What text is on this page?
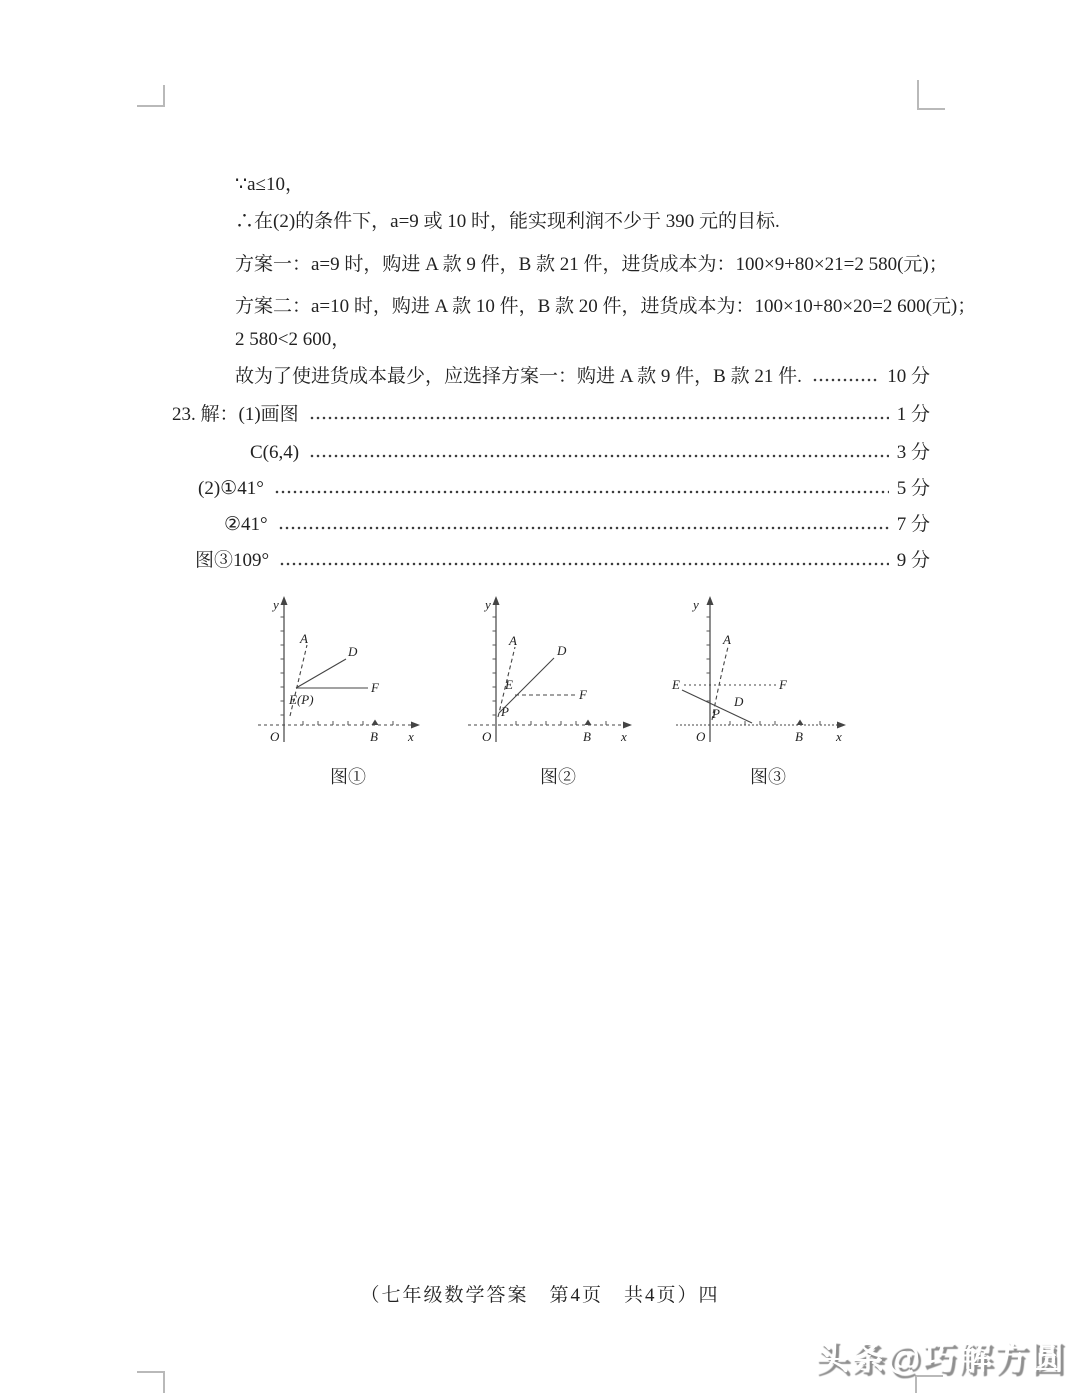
∵a≤10，
∴在(2)的条件下，a=9 或 10 时，能实现利润不少于 390 元的目标.
方案一：a=9 时，购进 A 款 9 件，B 款 21 件，进货成本为：100×9+80×21=2 580(元)；
方案二：a=10 时，购进 A 款 10 件，B 款 20 件，进货成本为：100×10+80×20=2 600(元)；
2 580<2 600，
故为了使进货成本最少，应选择方案一：购进 A 款 9 件，B 款 21 件.	10 分
23. 解：(1)画图	1 分
C(6,4)	3 分
(2)①41°	5 分
②41°	7 分
图③109°	9 分
y
A
D
F
E(P)
O	B x
图①
y
A
D
F
E
P
O	B x
图②
y
A
E	F
D
P
O	B	x
图③
（七年级数学答案　第4页　共4页）四
头条@巧解方圆
